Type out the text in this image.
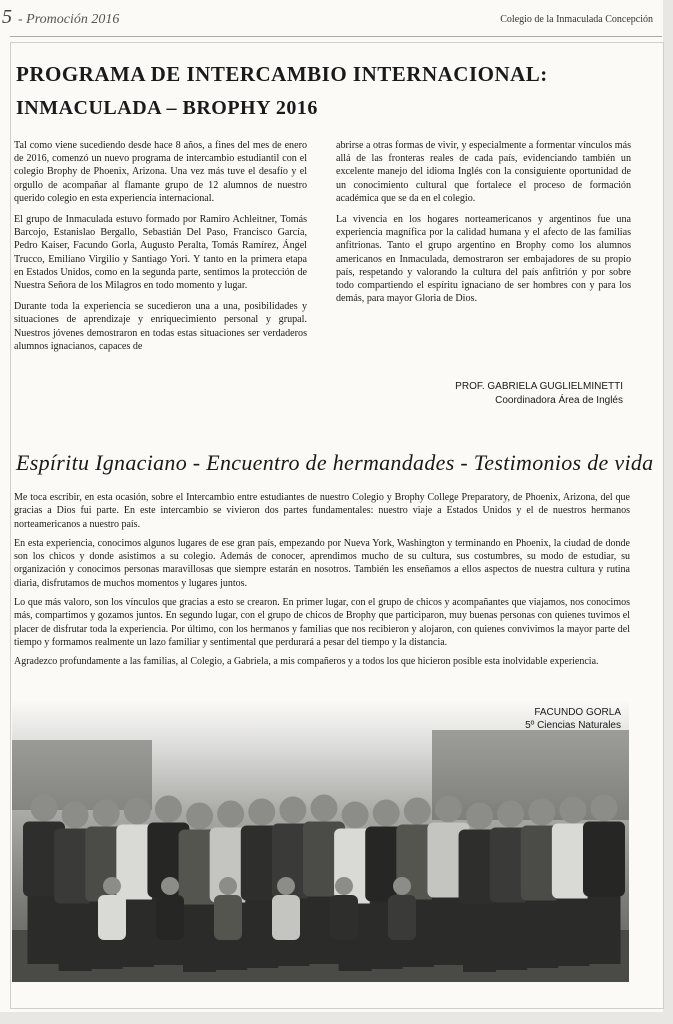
5 - Promoción 2016	Colegio de la Inmaculada Concepción
PROGRAMA DE INTERCAMBIO INTERNACIONAL:
INMACULADA – BROPHY 2016

Tal como viene sucediendo desde hace 8 años, a fines del mes de enero de 2016, comenzó un nuevo programa de intercambio estudiantil con el colegio Brophy de Phoenix, Arizona. Una vez más tuve el desafío y el orgullo de acompañar al flamante grupo de 12 alumnos de nuestro querido colegio en esta experiencia internacional.

El grupo de Inmaculada estuvo formado por Ramiro Achleitner, Tomás Barcojo, Estanislao Bergallo, Sebastián Del Paso, Francisco García, Pedro Kaiser, Facundo Gorla, Augusto Peralta, Tomás Ramírez, Ángel Trucco, Emiliano Virgilio y Santiago Yori. Y tanto en la primera etapa en Estados Unidos, como en la segunda parte, sentimos la protección de Nuestra Señora de los Milagros en todo momento y lugar.

Durante toda la experiencia se sucedieron una a una, posibilidades y situaciones de aprendizaje y enriquecimiento personal y grupal. Nuestros jóvenes demostraron en todas estas situaciones ser verdaderos alumnos ignacianos, capaces de

abrirse a otras formas de vivir, y especialmente a formentar vínculos más allá de las fronteras reales de cada país, evidenciando también un excelente manejo del idioma Inglés con la consiguiente oportunidad de un conocimiento cultural que fortalece el proceso de formación académica que se da en el colegio.

La vivencia en los hogares norteamericanos y argentinos fue una experiencia magnífica por la calidad humana y el afecto de las familias anfitrionas. Tanto el grupo argentino en Brophy como los alumnos americanos en Inmaculada, demostraron ser embajadores de su propio país, respetando y valorando la cultura del país anfitrión y por sobre todo compartiendo el espíritu ignaciano de ser hombres con y para los demás, para mayor Gloria de Dios.

PROF. GABRIELA GUGLIELMINETTI
Coordinadora Área de Inglés
Espíritu Ignaciano - Encuentro de hermandades - Testimonios de vida

Me toca escribir, en esta ocasión, sobre el Intercambio entre estudiantes de nuestro Colegio y Brophy College Preparatory, de Phoenix, Arizona, del que gracias a Dios fui parte. En este intercambio se vivieron dos partes fundamentales: nuestro viaje a Estados Unidos y el de nuestros hermanos norteamericanos a nuestro país.

En esta experiencia, conocimos algunos lugares de ese gran país, empezando por Nueva York, Washington y terminando en Phoenix, la ciudad de donde son los chicos y donde asistimos a su colegio. Además de conocer, aprendimos mucho de su cultura, sus costumbres, su modo de estudiar, su organización y conocimos personas maravillosas que siempre estarán en nosotros. También les enseñamos a ellos aspectos de nuestra cultura y rutina diaria, disfrutamos de muchos momentos y lugares juntos.

Lo que más valoro, son los vínculos que gracias a esto se crearon. En primer lugar, con el grupo de chicos y acompañantes que viajamos, nos conocimos más, compartimos y gozamos juntos. En segundo lugar, con el grupo de chicos de Brophy que participaron, muy buenas personas con quienes tuvimos el placer de disfrutar toda la experiencia. Por último, con los hermanos y familias que nos recibieron y alojaron, con quienes convivimos la mayor parte del tiempo y formamos realmente un lazo familiar y sentimental que perdurará a pesar del tiempo y la distancia.

Agradezco profundamente a las familias, al Colegio, a Gabriela, a mis compañeros y a todos los que hicieron posible esta inolvidable experiencia.

FACUNDO GORLA
5º Ciencias Naturales
